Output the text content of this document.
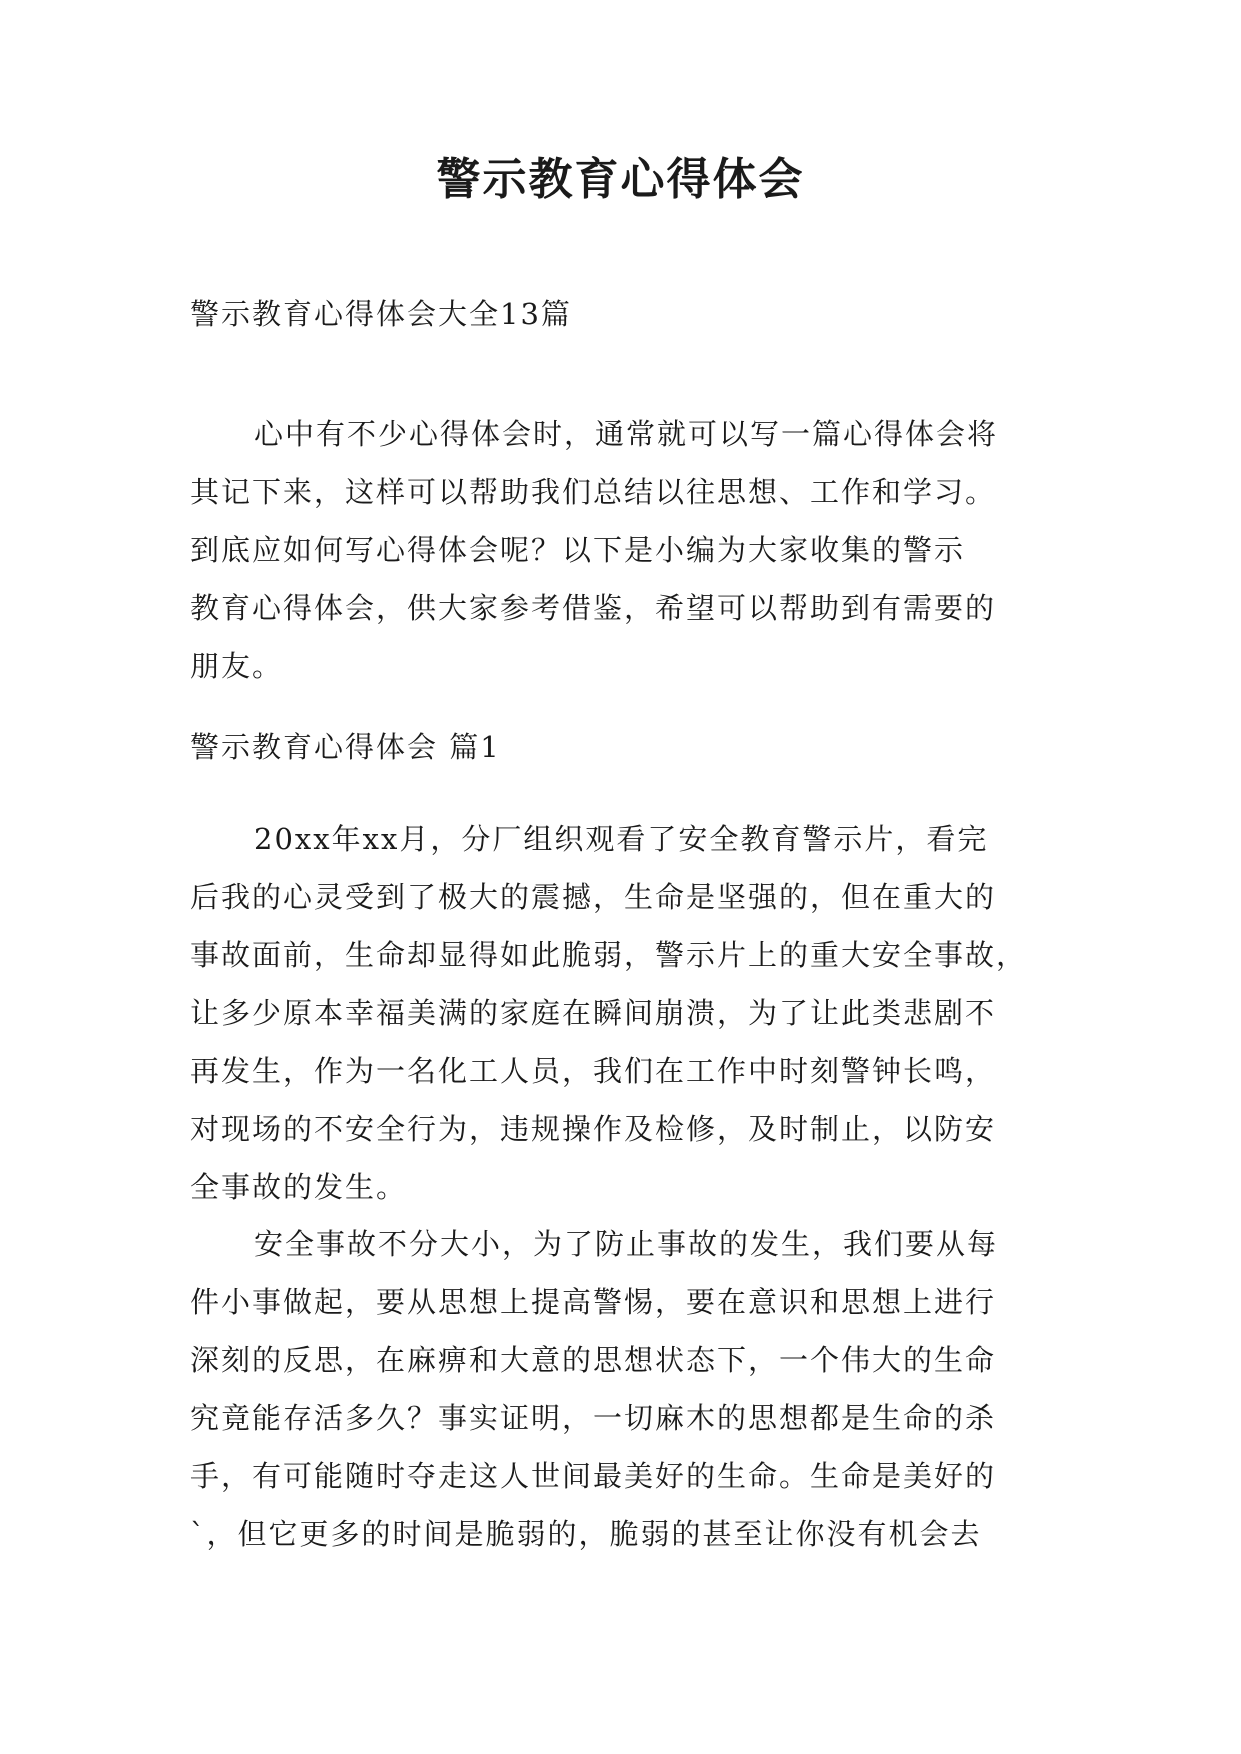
警示教育心得体会
警示教育心得体会大全13篇

心中有不少心得体会时，通常就可以写一篇心得体会将
其记下来，这样可以帮助我们总结以往思想、工作和学习。
到底应如何写心得体会呢？以下是小编为大家收集的警示
教育心得体会，供大家参考借鉴，希望可以帮助到有需要的
朋友。

警示教育心得体会 篇1

20xx年xx月，分厂组织观看了安全教育警示片，看完
后我的心灵受到了极大的震撼，生命是坚强的，但在重大的
事故面前，生命却显得如此脆弱，警示片上的重大安全事故，
让多少原本幸福美满的家庭在瞬间崩溃，为了让此类悲剧不
再发生，作为一名化工人员，我们在工作中时刻警钟长鸣，
对现场的不安全行为，违规操作及检修，及时制止，以防安
全事故的发生。

安全事故不分大小，为了防止事故的发生，我们要从每
件小事做起，要从思想上提高警惕，要在意识和思想上进行
深刻的反思，在麻痹和大意的思想状态下，一个伟大的生命
究竟能存活多久？事实证明，一切麻木的思想都是生命的杀
手，有可能随时夺走这人世间最美好的生命。生命是美好的
`，但它更多的时间是脆弱的，脆弱的甚至让你没有机会去
